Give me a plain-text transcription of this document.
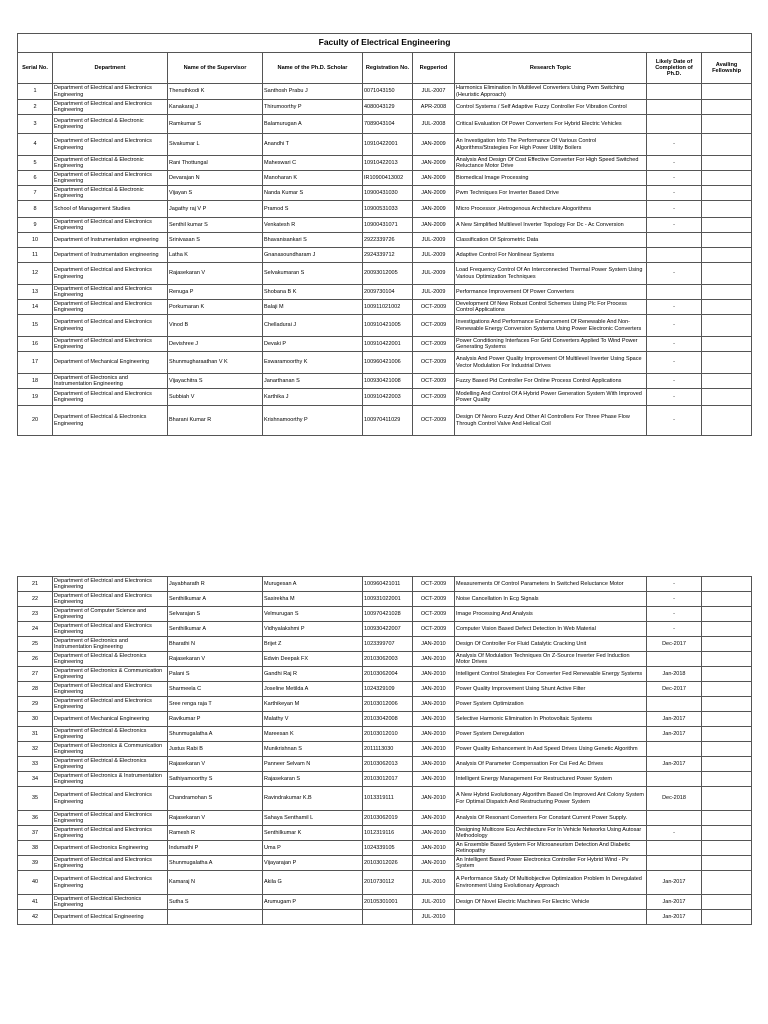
Faculty of Electrical Engineering								
Serial No.	Department	Name of the Supervisor	Name of the Ph.D. Scholar	Registration No.	Regperiod	Research Topic	Likely Date of Completion of Ph.D.	Availing Fellowship
1	Department of Electrical and Electronics Engineering	Thenuthkodi K	Santhosh Prabu J	0071043150	JUL-2007	Harmonics Elimination In Multilevel Converters Using Pwm Switching (Heuristic Approach)		
2	Department of Electrical and Electronics Engineering	Kanakaraj J	Thirumoorthy P	4080043129	APR-2008	Control Systems / Self Adaptive Fuzzy Controller For Vibration Control		
3	Department of Electrical & Electronic Engineering	Ramkumar S	Balamurugan A	7089043104	JUL-2008	Critical Evaluation Of Power Converters For Hybrid Electric Vehicles		
4	Department of Electrical and Electronics Engineering	Sivakumar L	Anandhi T	10910422001	JAN-2009	An Investigation Into The Performance Of Various Control Algorithms/Strategies For High Power Utility Boilers	-	
5	Department of Electrical & Electronic Engineering	Rani Thottungal	Maheswari C	10910422013	JAN-2009	Analysis And Design Of Cost Effective Converter For High Speed Switched Reluctance Motor Drive	-	
6	Department of Electrical and Electronics Engineering	Devarajan N	Manoharan K	IR10900413002	JAN-2009	Biomedical Image Processing	-	
7	Department of Electrical & Electronic Engineering	Vijayan S	Nanda Kumar S	10900431030	JAN-2009	Pwm Techniques For Inverter Based Drive	-	
8	School of Management Studies	Jagathy raj V P	Pramod S	10900531033	JAN-2009	Micro Processor ,Hetrogenous Architecture Alogorithms	-	
9	Department of Electrical and Electronics Engineering	Senthil kumar S	Venkatesh R	10900431071	JAN-2009	A New Simplified Multilevel Inverter Topology For Dc - Ac Conversion	-	
10	Department of Instrumentation engineering	Srinivasan S	Bhavanisankari S	2922339726	JUL-2009	Classification Of Spirometric Data		
11	Department of Instrumentation engineering	Latha K	Gnanasoundharam J	2924339712	JUL-2009	Adaptive Control For Nonlinear Systems		
12	Department of Electrical and Electronics Engineering	Rajasekaran V	Selvakumaran S	20093012005	JUL-2009	Load Frequency Control Of An Interconnected Thermal Power System Using Various Optimization Techniques	-	
13	Department of Electrical and Electronics Engineering	Renuga P	Shobana B K	2009730104	JUL-2009	Performance Improvement Of Power Converters		
14	Department of Electrical and Electronics Engineering	Porkumaran K	Balaji M	100911021002	OCT-2009	Development Of New Robust Control Schemes Using Plc For Process Control Applications	-	
15	Department of Electrical and Electronics Engineering	Vinod B	Chelladurai J	100910421005	OCT-2009	Investigations And Performance Enhancement Of Renewable And Non-Renewable Energy Conversion Systems Using Power Electronic Converters	-	
16	Department of Electrical and Electronics Engineering	Devishree J	Devaki P	100910422001	OCT-2009	Power Conditioning Interfaces For Grid Converters Applied To Wind Power Generating Systems	-	
17	Department of Mechanical Engineering	Shunmugharaathan V K	Eswaramoorthy K	100960421006	OCT-2009	Analysis And Power Quality Improvement Of Multilevel Inverter Using Space Vector Modulation For Industrial Drives	-	
18	Department of Electronics and Instrumentation Engineering	Vijayachitra S	Janarthanan S	100930421008	OCT-2009	Fuzzy Based Pid Controller For Online Process Control Applications	-	
19	Department of Electrical and Electronics Engineering	Subbiah V	Karthika J	100910422003	OCT-2009	Modelling And Control Of A Hybrid Power Generation System With Improved Power Quality	-	
20	Department of Electrical & Electronics Engineering	Bharani Kumar R	Krishnamoorthy P	100970411029	OCT-2009	Design Of Neoro Fuzzy And Other AI Controllers For Three Phase Flow Through Control Valve And Helical Coil	-	
21	Department of Electrical and Electronics Engineering	Jayabharath R	Murugesan A	100960421011	OCT-2009	Measurements Of Control Parameters In Switched Reluctance Motor	-	
22	Department of Electrical and Electronics Engineering	Senthilkumar A	Sasirekha M	100931022001	OCT-2009	Noise Cancellation In Ecg Signals	-	
23	Department of Computer Science and Engineering	Selvarajan S	Velmurugan S	100970421028	OCT-2009	Image Processing And Analysis	-	
24	Department of Electrical and Electronics Engineering	Senthilkumar A	Vidhyalakshmi P	100930422007	OCT-2009	Computer Vision Based Defect Detection In Web Material	-	
25	Department of Electronics and Instrumentation Engineering	Bharathi N	Brijet Z	1023399707	JAN-2010	Design Of Controller For Fluid Catalytic Cracking Unit	Dec-2017	
26	Department of Electrical & Electronics Engineering	Rajasekaran V	Edwin Deepak FX	20103062003	JAN-2010	Analysis Of Modulation Techniques On Z-Source Inverter Fed Induction Motor Drives		
27	Department of Electronics & Communication Engineering	Palani S	Gandhi Raj R	20103062004	JAN-2010	Intelligent Control Strategies For Converter Fed Renewable Energy Systems	Jan-2018	
28	Department of Electrical and Electronics Engineering	Sharmeela C	Joseline Metilda A	1024329109	JAN-2010	Power Quality Improvement Using Shunt Active Filter	Dec-2017	
29	Department of Electrical and Electronics Engineering	Sree renga raja T	Karthikeyan M	20103012006	JAN-2010	Power System Optimization		
30	Department of Mechanical Engineering	Ravikumar P	Malathy V	20103042008	JAN-2010	Selective Harmonic Elimination In Photovoltaic Systems	Jan-2017	
31	Department of Electrical & Electronics Engineering	Shunmugalatha A	Mareesan K	20103012010	JAN-2010	Power System Deregulation	Jan-2017	
32	Department of Electronics & Communication Engineering	Justus Rabi B	Munikrishnan S	2011113030	JAN-2010	Power Quality Enhancement In Asd Speed Drives Using Genetic Algorithm		
33	Department of Electrical & Electronics Engineering	Rajasekaran V	Panneer Selvam N	20103062013	JAN-2010	Analysis Of Parameter Compensation For Csi Fed Ac Drives	Jan-2017	
34	Department of Electronics & Instrumentation Engineering	Sathiyamoorthy S	Rajasekaran S	20103012017	JAN-2010	Intelligent Energy Management For Restructured Power System		
35	Department of Electrical and Electronics Engineering	Chandramohan S	Ravindrakumar K.B	1013319111	JAN-2010	A New Hybrid Evolutionary Algorithm Based On Improved Ant Colony System For Optimal Dispatch And Restructuring Power System	Dec-2018	
36	Department of Electrical and Electronics Engineering	Rajasekaran V	Sahaya Senthamil L	20103062019	JAN-2010	Analysis Of Resonant Converters For Constant Current Power Supply.		
37	Department of Electrical and Electronics Engineering	Ramesh R	Senthilkumar K	1012319116	JAN-2010	Designing Multicore Ecu Architecture For In Vehicle Networks Using Autosar Methodology	-	
38	Department of Electronics Engineering	Indumathi P	Uma P	1024339105	JAN-2010	An Ensemble Based System For Microaneurism Detection And Diabetic Retinopathy		
39	Department of Electrical and Electronics Engineering	Shunmugalatha A	Vijayarajan P	20103012026	JAN-2010	An Intelligent Based Power Electronics Controller For Hybrid Wind - Pv System		
40	Department of Electrical and Electronics Engineering	Kamaraj N	Akila G	2010730112	JUL-2010	A Performance Study Of Multiobjective Optimization Problem In Deregulated Environment Using Evolutionary Approach	Jan-2017	
41	Department of Electrical Electronics Engineering	Sutha S	Arumugam P	20105301001	JUL-2010	Design Of Novel Electric Machines For Electric Vehicle	Jan-2017	
42	Department of Electrical Engineering				JUL-2010		Jan-2017	
